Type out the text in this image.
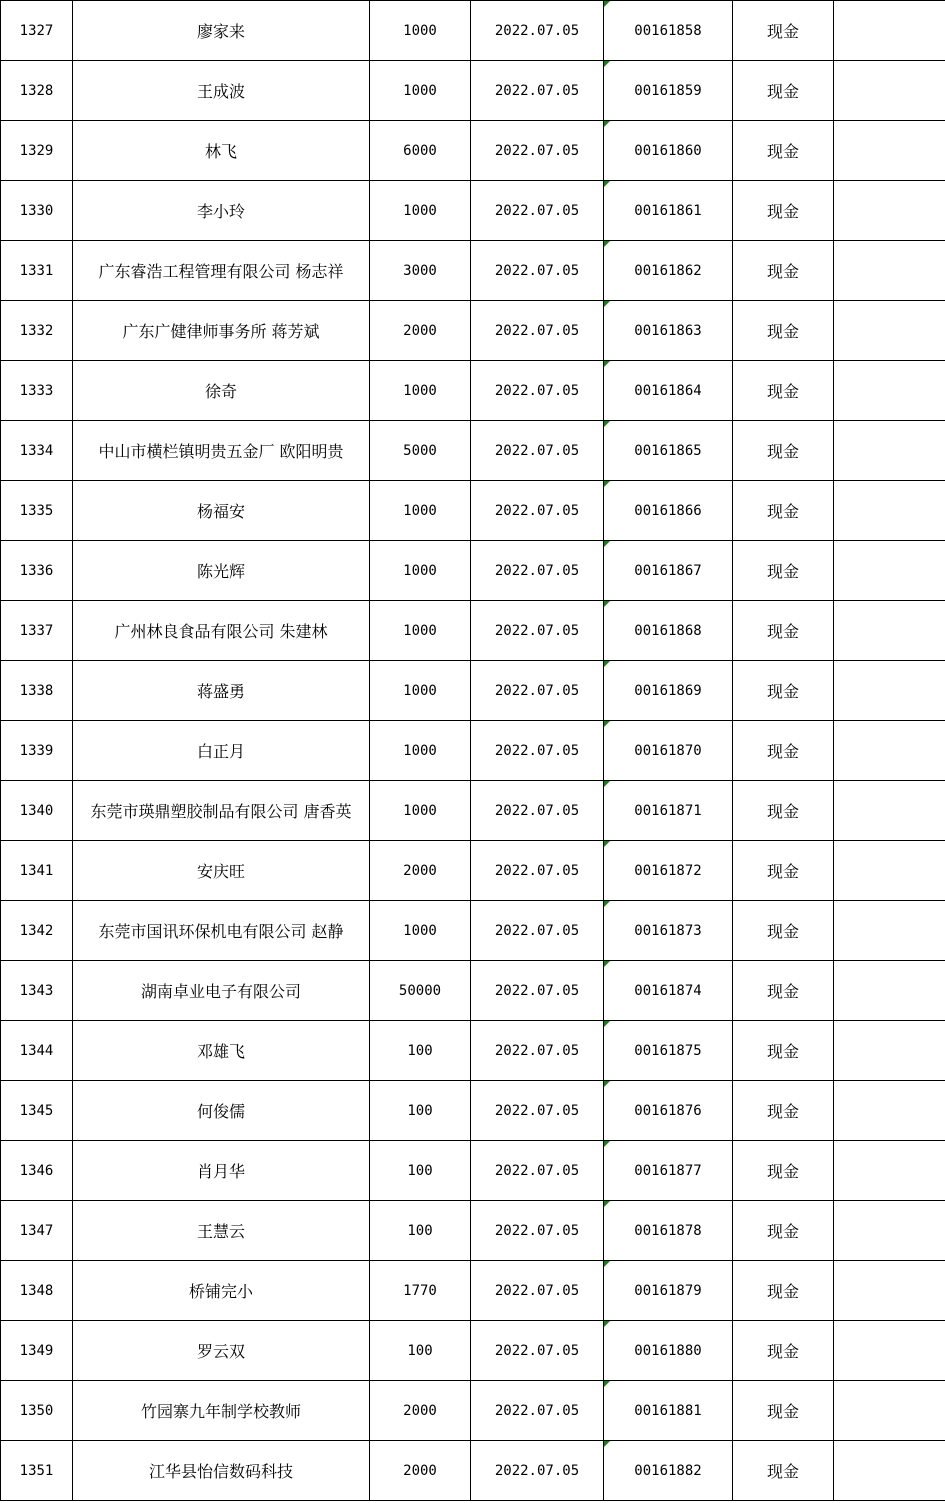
1327	廖家来	1000	2022.07.05	00161858	现金	
1328	王成波	1000	2022.07.05	00161859	现金	
1329	林飞	6000	2022.07.05	00161860	现金	
1330	李小玲	1000	2022.07.05	00161861	现金	
1331	广东睿浩工程管理有限公司 杨志祥	3000	2022.07.05	00161862	现金	
1332	广东广健律师事务所 蒋芳斌	2000	2022.07.05	00161863	现金	
1333	徐奇	1000	2022.07.05	00161864	现金	
1334	中山市横栏镇明贵五金厂 欧阳明贵	5000	2022.07.05	00161865	现金	
1335	杨福安	1000	2022.07.05	00161866	现金	
1336	陈光辉	1000	2022.07.05	00161867	现金	
1337	广州林良食品有限公司 朱建林	1000	2022.07.05	00161868	现金	
1338	蒋盛勇	1000	2022.07.05	00161869	现金	
1339	白正月	1000	2022.07.05	00161870	现金	
1340	东莞市瑛鼎塑胶制品有限公司 唐香英	1000	2022.07.05	00161871	现金	
1341	安庆旺	2000	2022.07.05	00161872	现金	
1342	东莞市国讯环保机电有限公司 赵静	1000	2022.07.05	00161873	现金	
1343	湖南卓业电子有限公司	50000	2022.07.05	00161874	现金	
1344	邓雄飞	100	2022.07.05	00161875	现金	
1345	何俊儒	100	2022.07.05	00161876	现金	
1346	肖月华	100	2022.07.05	00161877	现金	
1347	王慧云	100	2022.07.05	00161878	现金	
1348	桥铺完小	1770	2022.07.05	00161879	现金	
1349	罗云双	100	2022.07.05	00161880	现金	
1350	竹园寨九年制学校教师	2000	2022.07.05	00161881	现金	
1351	江华县怡信数码科技	2000	2022.07.05	00161882	现金	
